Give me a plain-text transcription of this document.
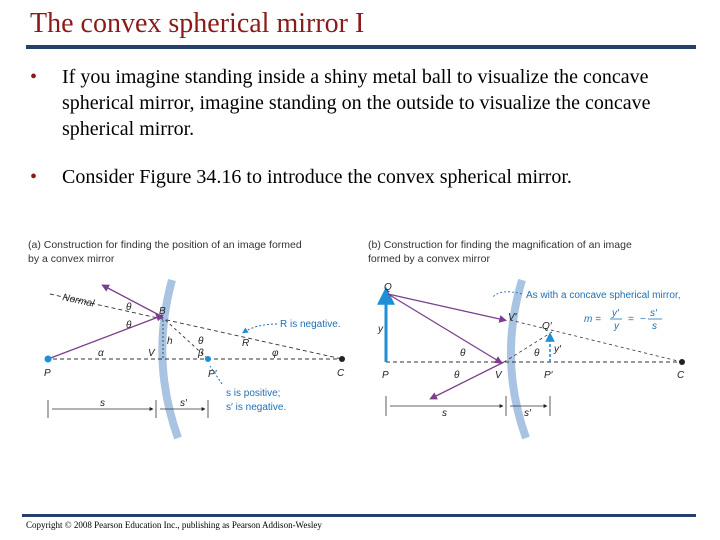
The convex spherical mirror I
• If you imagine standing inside a shiny metal ball to visualize the concave spherical mirror, imagine standing on the outside to visualize the concave spherical mirror.
• Consider Figure 34.16 to introduce the convex spherical mirror.
(a) Construction for finding the position of an image formed
by a convex mirror
Normal	θ
θ
B
h
V
P	P′
R
C
α
θ
β	φ
R is negative.
s is positive;
s′ is negative.
s	s′
(b) Construction for finding the magnification of an image
formed by a convex mirror
Q
y
P
V′
Q′
y′
V	P′	C
θ
θ
θ
As with a concave spherical mirror,
m =
y′
y
= −
s′
s
s	s′
Copyright © 2008 Pearson Education Inc., publishing as Pearson Addison-Wesley
